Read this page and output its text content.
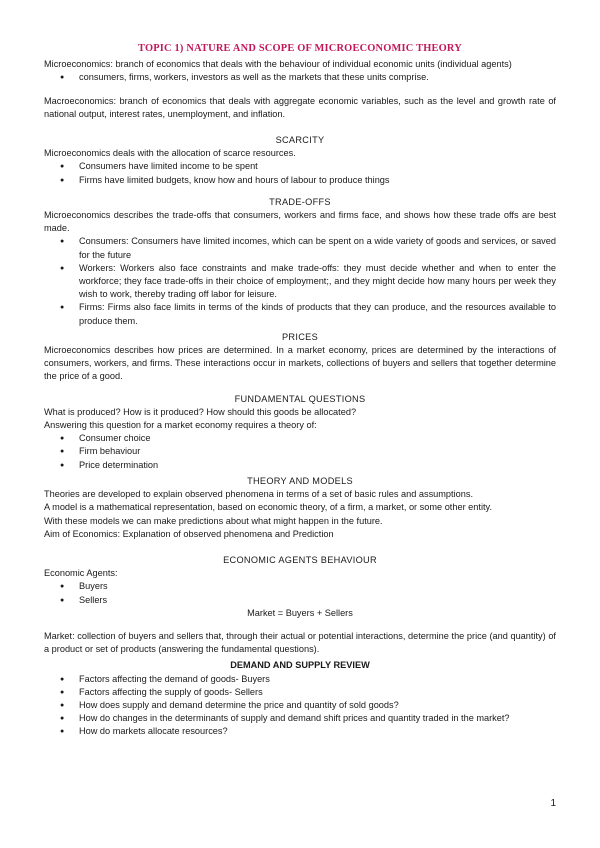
TOPIC 1) NATURE AND SCOPE OF MICROECONOMIC THEORY

Microeconomics: branch of economics that deals with the behaviour of individual economic units (individual agents)

● consumers, firms, workers, investors as well as the markets that these units comprise.

Macroeconomics: branch of economics that deals with aggregate economic variables, such as the level and growth rate of national output, interest rates, unemployment, and inflation.

SCARCITY

Microeconomics deals with the allocation of scarce resources.

● Consumers have limited income to be spent
● Firms have limited budgets, know how and hours of labour to produce things
TRADE-OFFS

Microeconomics describes the trade-offs that consumers, workers and firms face, and shows how these trade offs are best made.

● Consumers: Consumers have limited incomes, which can be spent on a wide variety of goods and services, or saved for the future
● Workers: Workers also face constraints and make trade-offs: they must decide whether and when to enter the workforce; they face trade-offs in their choice of employment;, and they might decide how many hours per week they wish to work, thereby trading off labor for leisure.
● Firms: Firms also face limits in terms of the kinds of products that they can produce, and the resources available to produce them.
PRICES

Microeconomics describes how prices are determined. In a market economy, prices are determined by the interactions of consumers, workers, and firms. These interactions occur in markets, collections of buyers and sellers that together determine the price of a good.

FUNDAMENTAL QUESTIONS

What is produced? How is it produced? How should this goods be allocated?

Answering this question for a market economy requires a theory of:

● Consumer choice
● Firm behaviour
● Price determination
THEORY AND MODELS

Theories are developed to explain observed phenomena in terms of a set of basic rules and assumptions.

A model is a mathematical representation, based on economic theory, of a firm, a market, or some other entity.

With these models we can make predictions about what might happen in the future.

Aim of Economics: Explanation of observed phenomena and Prediction

ECONOMIC AGENTS BEHAVIOUR

Economic Agents:

● Buyers
● Sellers

Market = Buyers + Sellers

Market: collection of buyers and sellers that, through their actual or potential interactions, determine the price (and quantity) of a product or set of products (answering the fundamental questions).

DEMAND AND SUPPLY REVIEW
● Factors affecting the demand of goods- Buyers
● Factors affecting the supply of goods- Sellers
● How does supply and demand determine the price and quantity of sold goods?
● How do changes in the determinants of supply and demand shift prices and quantity traded in the market?
● How do markets allocate resources?
1
